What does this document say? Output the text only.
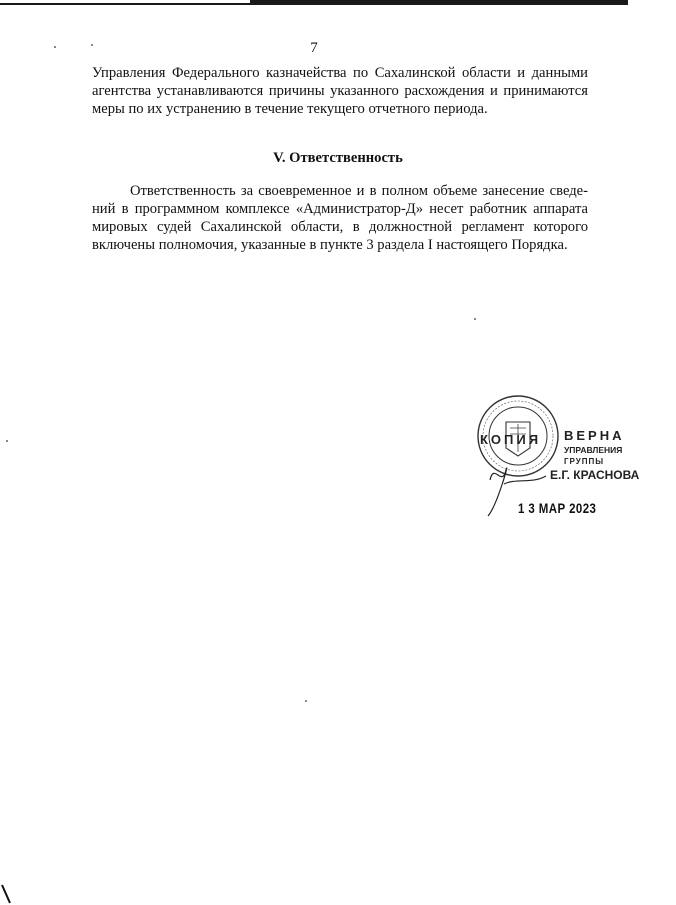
7

Управления Федерального казначейства по Сахалинской области и данными
агентства устанавливаются причины указанного расхождения и принимаются
меры по их устранению в течение текущего отчетного периода.

V. Ответственность

Ответственность за своевременное и в полном объеме занесение сведе-
ний в программном комплексе «Администратор-Д» несет работник аппарата
мировых судей Сахалинской области, в должностной регламент которого
включены полномочия, указанные в пункте 3 раздела I настоящего Порядка.

КОПИЯ ВЕРНА
УПРАВЛЕНИЯ
ГРУППЫ
Е.Г. КРАСНОВА
1 3 МАР 2023
